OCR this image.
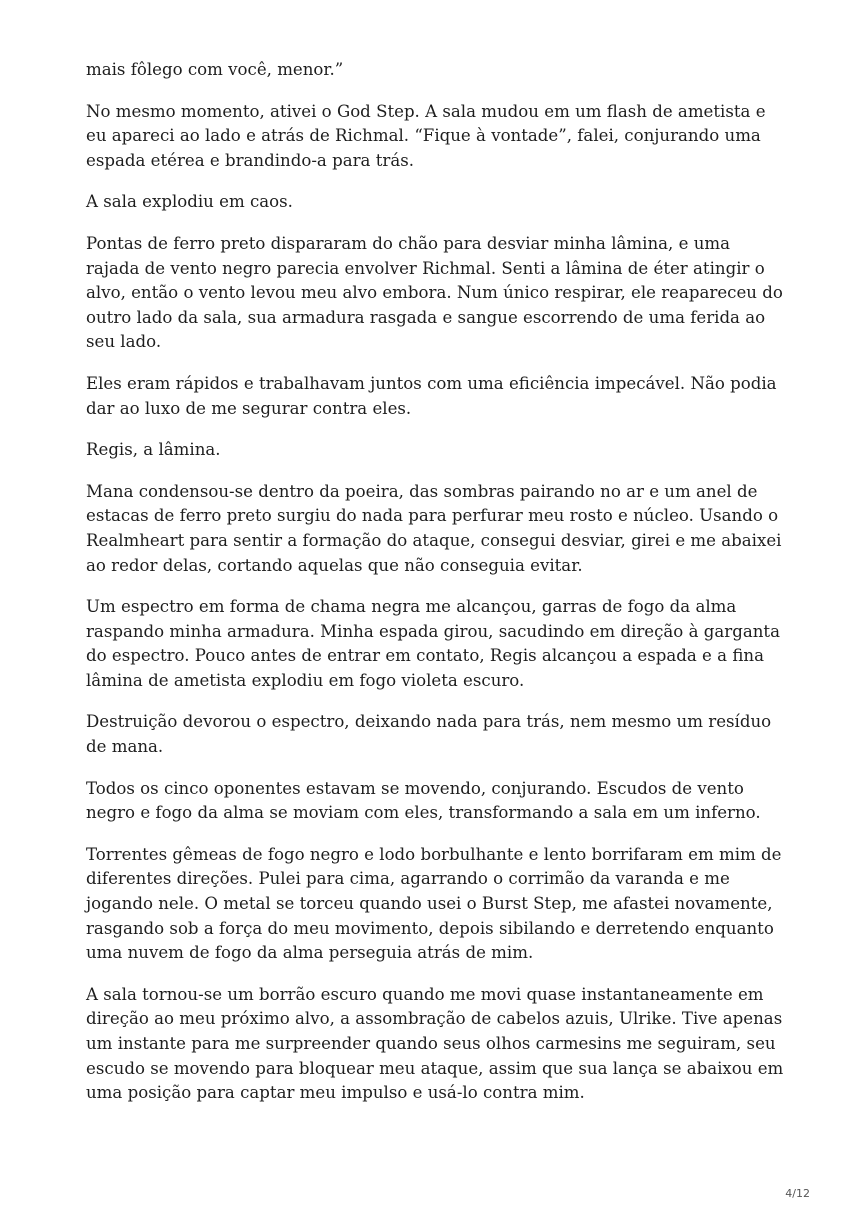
mais fôlego com você, menor.”

No mesmo momento, ativei o God Step. A sala mudou em um flash de ametista e eu apareci ao lado e atrás de Richmal. “Fique à vontade”, falei, conjurando uma espada etérea e brandindo-a para trás.

A sala explodiu em caos.

Pontas de ferro preto dispararam do chão para desviar minha lâmina, e uma rajada de vento negro parecia envolver Richmal. Senti a lâmina de éter atingir o alvo, então o vento levou meu alvo embora. Num único respirar, ele reapareceu do outro lado da sala, sua armadura rasgada e sangue escorrendo de uma ferida ao seu lado.

Eles eram rápidos e trabalhavam juntos com uma eficiência impecável. Não podia dar ao luxo de me segurar contra eles.

Regis, a lâmina.

Mana condensou-se dentro da poeira, das sombras pairando no ar e um anel de estacas de ferro preto surgiu do nada para perfurar meu rosto e núcleo. Usando o Realmheart para sentir a formação do ataque, consegui desviar, girei e me abaixei ao redor delas, cortando aquelas que não conseguia evitar.

Um espectro em forma de chama negra me alcançou, garras de fogo da alma raspando minha armadura. Minha espada girou, sacudindo em direção à garganta do espectro. Pouco antes de entrar em contato, Regis alcançou a espada e a fina lâmina de ametista explodiu em fogo violeta escuro.

Destruição devorou o espectro, deixando nada para trás, nem mesmo um resíduo de mana.

Todos os cinco oponentes estavam se movendo, conjurando. Escudos de vento negro e fogo da alma se moviam com eles, transformando a sala em um inferno.

Torrentes gêmeas de fogo negro e lodo borbulhante e lento borrifaram em mim de diferentes direções. Pulei para cima, agarrando o corrimão da varanda e me jogando nele. O metal se torceu quando usei o Burst Step, me afastei novamente, rasgando sob a força do meu movimento, depois sibilando e derretendo enquanto uma nuvem de fogo da alma perseguia atrás de mim.

A sala tornou-se um borrão escuro quando me movi quase instantaneamente em direção ao meu próximo alvo, a assombração de cabelos azuis, Ulrike. Tive apenas um instante para me surpreender quando seus olhos carmesins me seguiram, seu escudo se movendo para bloquear meu ataque, assim que sua lança se abaixou em uma posição para captar meu impulso e usá-lo contra mim.

4/12
